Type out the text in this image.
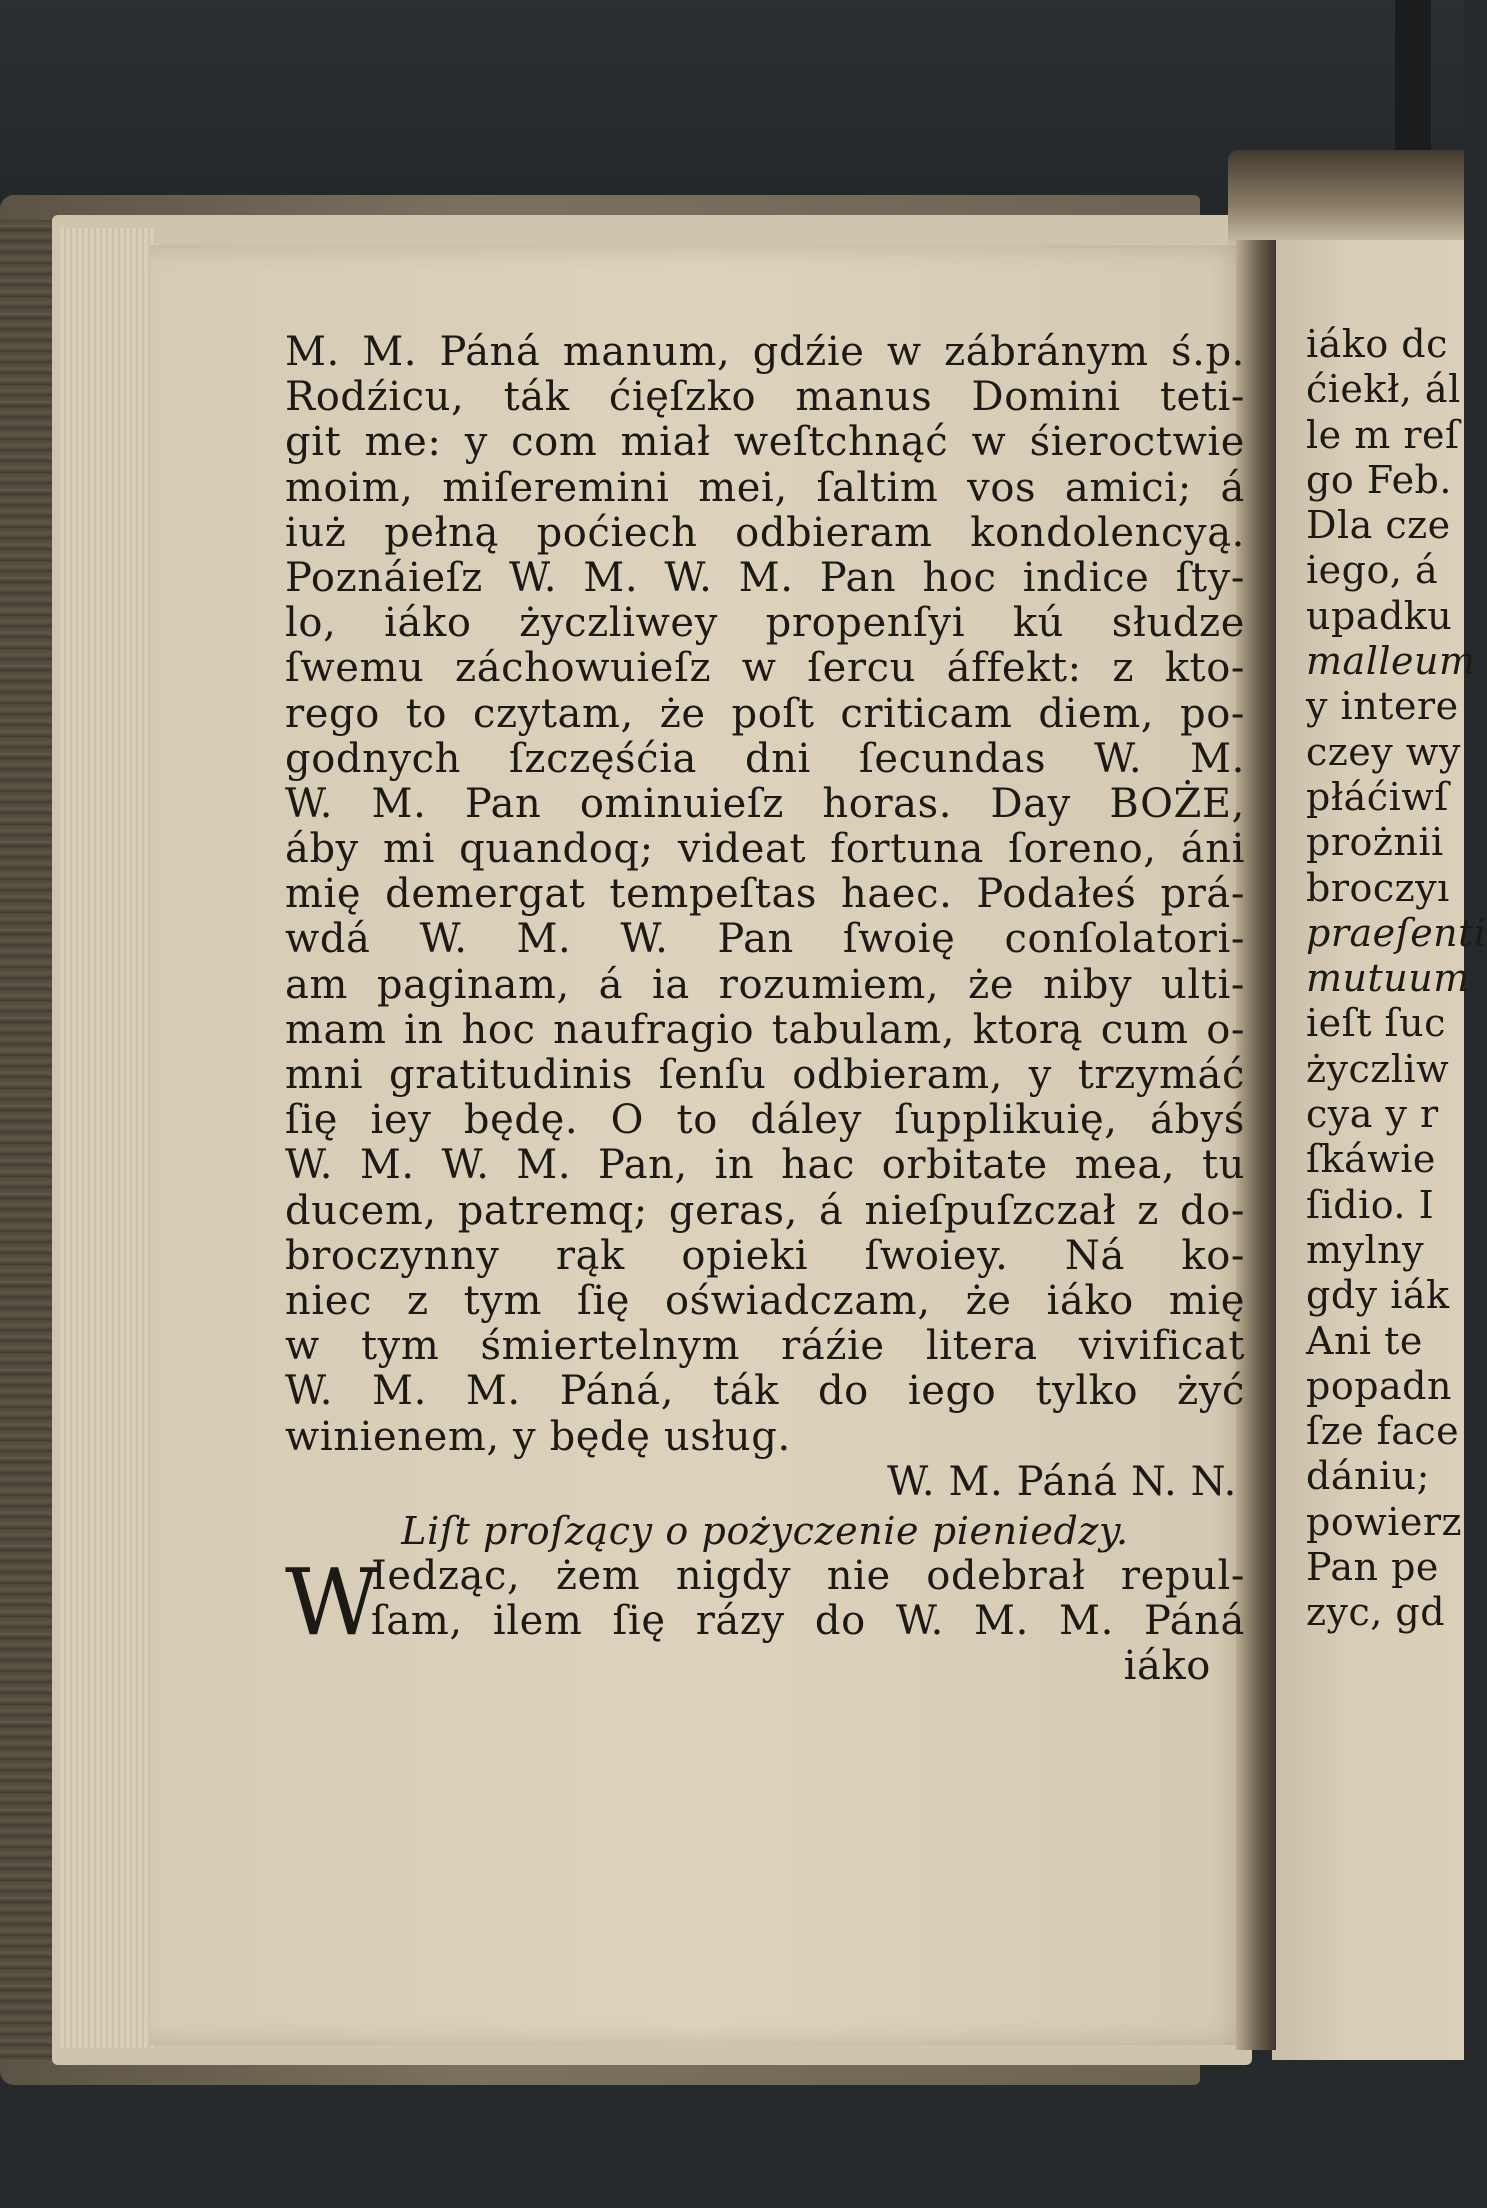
M. M. Páná manum, gdźie w zábránym ś.p.
Rodźicu, ták ćięſzko manus Domini teti-
git me: y com miał weſtchnąć w śieroctwie
moim, miſeremini mei, ſaltim vos amici; á
iuż pełną poćiech odbieram kondolencyą.
Poznáieſz W. M. W. M. Pan hoc indice ſty-
lo, iáko życzliwey propenſyi kú słudze
ſwemu záchowuieſz w ſercu áffekt: z kto-
rego to czytam, że poſt criticam diem, po-
godnych ſzczęśćia dni ſecundas W. M.
W. M. Pan ominuieſz horas. Day BOŻE,
áby mi quandoq; videat fortuna ſoreno, áni
mię demergat tempeſtas haec. Podałeś prá-
wdá W. M. W. Pan ſwoię conſolatori-
am paginam, á ia rozumiem, że niby ulti-
mam in hoc naufragio tabulam, ktorą cum o-
mni gratitudinis ſenſu odbieram, y trzymáć
ſię iey będę. O to dáley ſupplikuię, ábyś
W. M. W. M. Pan, in hac orbitate mea, tu
ducem, patremq; geras, á nieſpuſzczał z do-
broczynny rąk opieki ſwoiey. Ná ko-
niec z tym ſię oświadczam, że iáko mię
w tym śmiertelnym ráźie litera vivificat
W. M. M. Páná, ták do iego tylko żyć
winienem, y będę usług.
W. M. Páná N. N.
Liſt proſzący o pożyczenie pieniedzy.
W
Iedząc, żem nigdy nie odebrał repul-
ſam, ilem ſię rázy do W. M. M. Páná
iáko
iáko dc
ćiekł, ál
le m reſ
go Feb.
Dla cze
iego, á
upadku
malleum
y intere
czey wy
płáćiwſ
prożnii
broczyı
praeſenti
mutuum
ieſt ſuc
życzliw
cya y r
ſkáwie
ſidio. I
mylny
gdy iák
Ani te
popadn
ſze face
dániu;
powierz
Pan pe
zyc, gd
